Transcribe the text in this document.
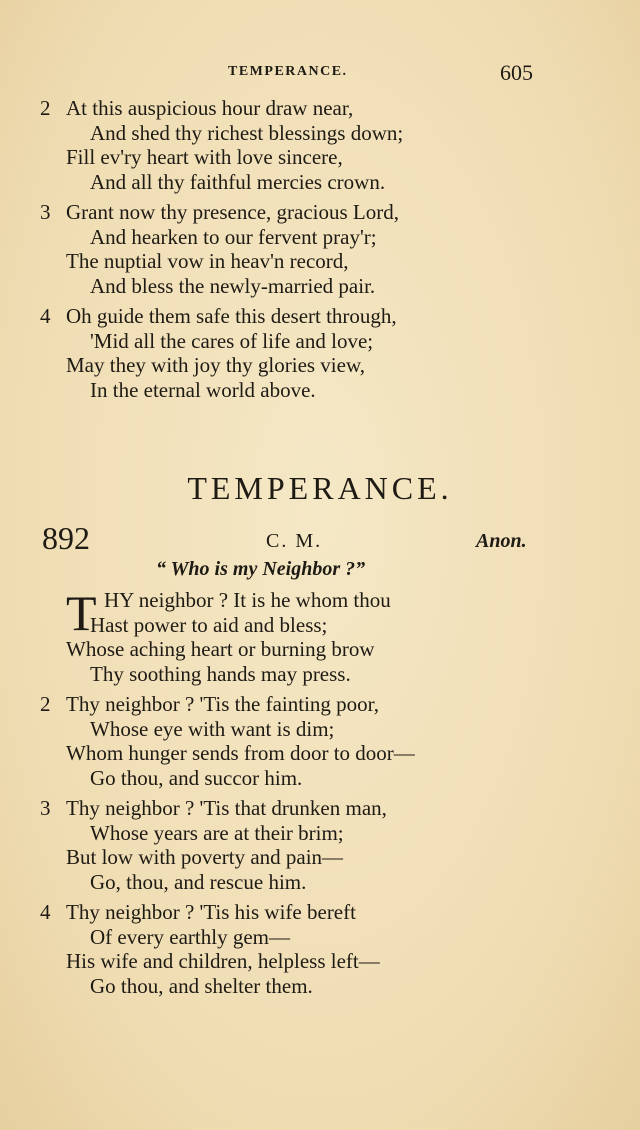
TEMPERANCE.	605
2 At this auspicious hour draw near,
And shed thy richest blessings down;
Fill ev'ry heart with love sincere,
And all thy faithful mercies crown.
3 Grant now thy presence, gracious Lord,
And hearken to our fervent pray'r;
The nuptial vow in heav'n record,
And bless the newly-married pair.
4 Oh guide them safe this desert through,
'Mid all the cares of life and love;
May they with joy thy glories view,
In the eternal world above.
TEMPERANCE.
892	C. M.	Anon.
“ Who is my Neighbor ?”
T HY neighbor ? It is he whom thou
Hast power to aid and bless;
Whose aching heart or burning brow
Thy soothing hands may press.
2 Thy neighbor ? 'Tis the fainting poor,
Whose eye with want is dim;
Whom hunger sends from door to door—
Go thou, and succor him.
3 Thy neighbor ? 'Tis that drunken man,
Whose years are at their brim;
But low with poverty and pain—
Go, thou, and rescue him.
4 Thy neighbor ? 'Tis his wife bereft
Of every earthly gem—
His wife and children, helpless left—
Go thou, and shelter them.
